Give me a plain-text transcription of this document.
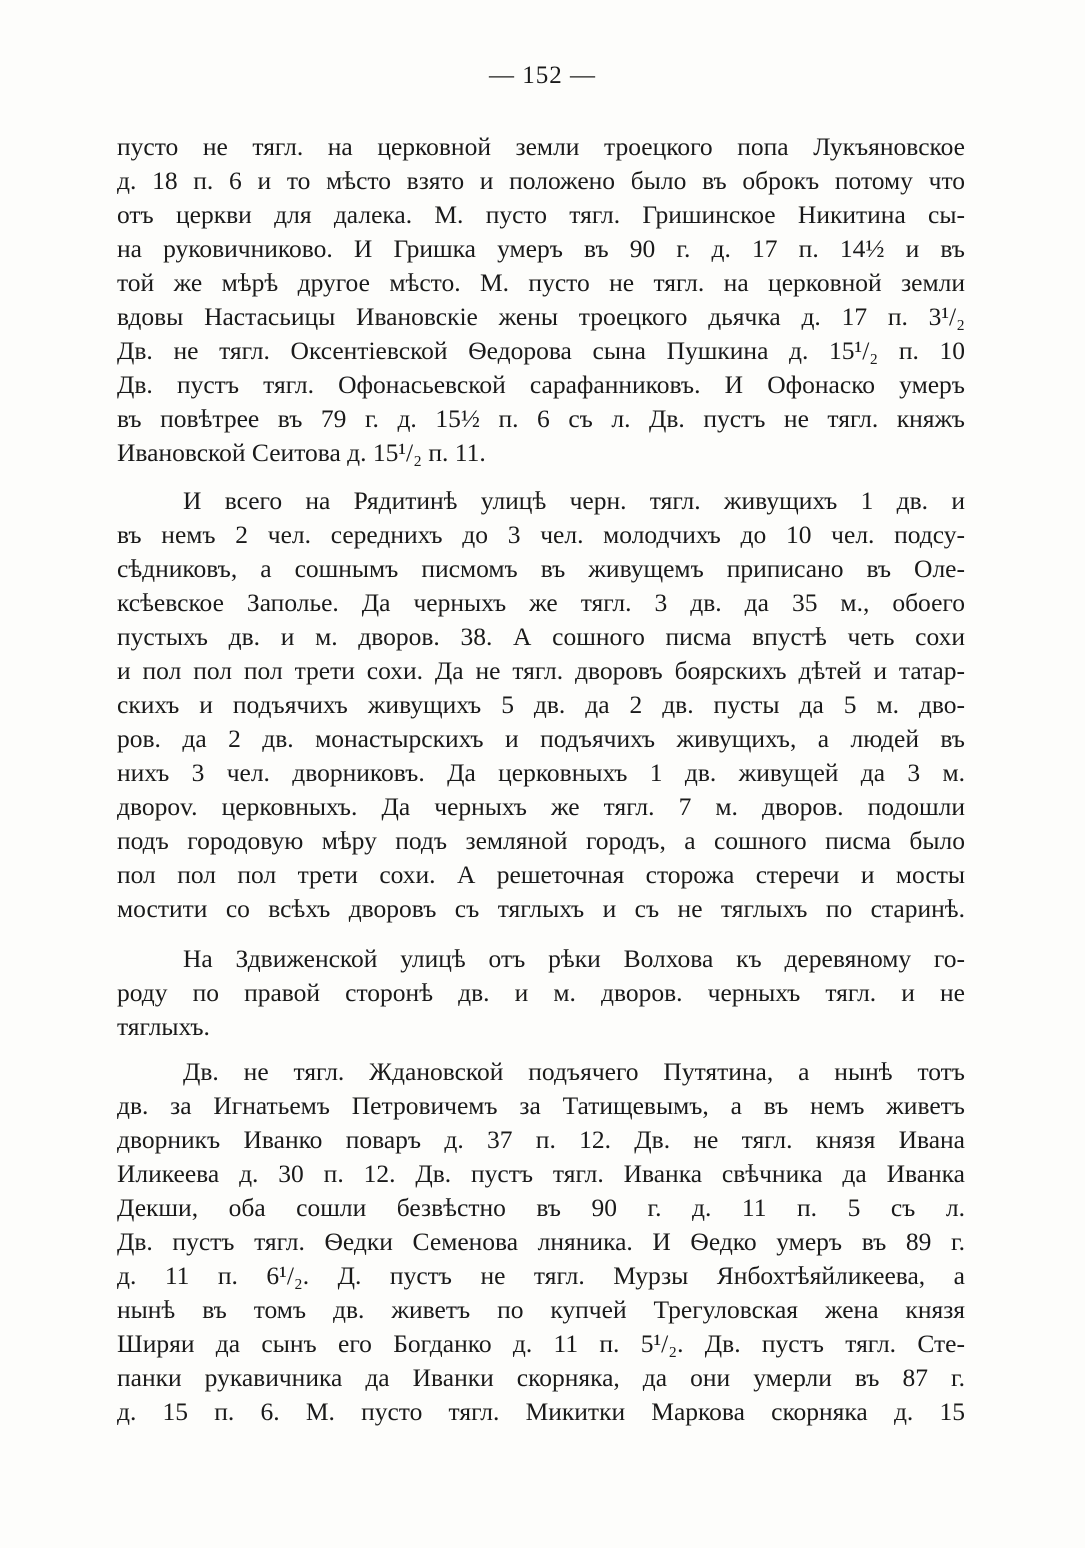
— 152 —
пусто не тягл. на церковной земли троецкого попа Лукъяновское
д. 18 п. 6 и то мѣсто взято и положено было въ оброкъ потому что
отъ церкви для далека. М. пусто тягл. Гришинское Никитина сы-
на руковичниково. И Гришка умеръ въ 90 г. д. 17 п. 14½ и въ
той же мѣрѣ другое мѣсто. М. пусто не тягл. на церковной земли
вдовы Настасьицы Ивановскіе жены троецкого дьячка д. 17 п. 3¹/₂
Дв. не тягл. Оксентіевской Ѳедорова сына Пушкина д. 15¹/₂ п. 10
Дв. пустъ тягл. Офонасьевской сарафанниковъ. И Офонаско умеръ
въ повѣтрее въ 79 г. д. 15½ п. 6 съ л. Дв. пустъ не тягл. княжъ
Ивановской Сеитова д. 15¹/₂ п. 11.
И всего на Рядитинѣ улицѣ черн. тягл. живущихъ 1 дв. и
въ немъ 2 чел. середнихъ до 3 чел. молодчихъ до 10 чел. подсу-
сѣдниковъ, а сошнымъ писмомъ въ живущемъ приписано въ Оле-
ксѣевское Заполье. Да черныхъ же тягл. 3 дв. да 35 м., обоего
пустыхъ дв. и м. дворов. 38. А сошного писма впустѣ четь сохи
и пол пол пол трети сохи. Да не тягл. дворовъ боярскихъ дѣтей и татар-
скихъ и подъячихъ живущихъ 5 дв. да 2 дв. пусты да 5 м. дво-
ров. да 2 дв. монастырскихъ и подъячихъ живущихъ, а людей въ
нихъ 3 чел. дворниковъ. Да церковныхъ 1 дв. живущей да 3 м.
двороv. церковныхъ. Да черныхъ же тягл. 7 м. дворов. подошли
подъ городовую мѣру подъ земляной городъ, а сошного писма было
пол пол пол трети сохи. А решеточная сторожа стеречи и мосты
мостити со всѣхъ дворовъ съ тяглыхъ и съ не тяглыхъ по старинѣ.
На Здвиженской улицѣ отъ рѣки Волхова къ деревяному го-
роду по правой сторонѣ дв. и м. дворов. черныхъ тягл. и не
тяглыхъ.
Дв. не тягл. Ждановской подъячего Путятина, а нынѣ тотъ
дв. за Игнатьемъ Петровичемъ за Татищевымъ, а въ немъ живетъ
дворникъ Иванко поваръ д. 37 п. 12. Дв. не тягл. князя Ивана
Иликеева д. 30 п. 12. Дв. пустъ тягл. Иванка свѣчника да Иванка
Декши, оба сошли безвѣстно въ 90 г. д. 11 п. 5 съ л.
Дв. пустъ тягл. Ѳедки Семенова лняника. И Ѳедко умеръ въ 89 г.
д. 11 п. 6¹/₂. Д. пустъ не тягл. Мурзы Янбохтѣяйликеева, а
нынѣ въ томъ дв. живетъ по купчей Трегуловская жена князя
Ширяи да сынъ его Богданко д. 11 п. 5¹/₂. Дв. пустъ тягл. Сте-
панки рукавичника да Иванки скорняка, да они умерли въ 87 г.
д. 15 п. 6. М. пусто тягл. Микитки Маркова скорняка д. 15
